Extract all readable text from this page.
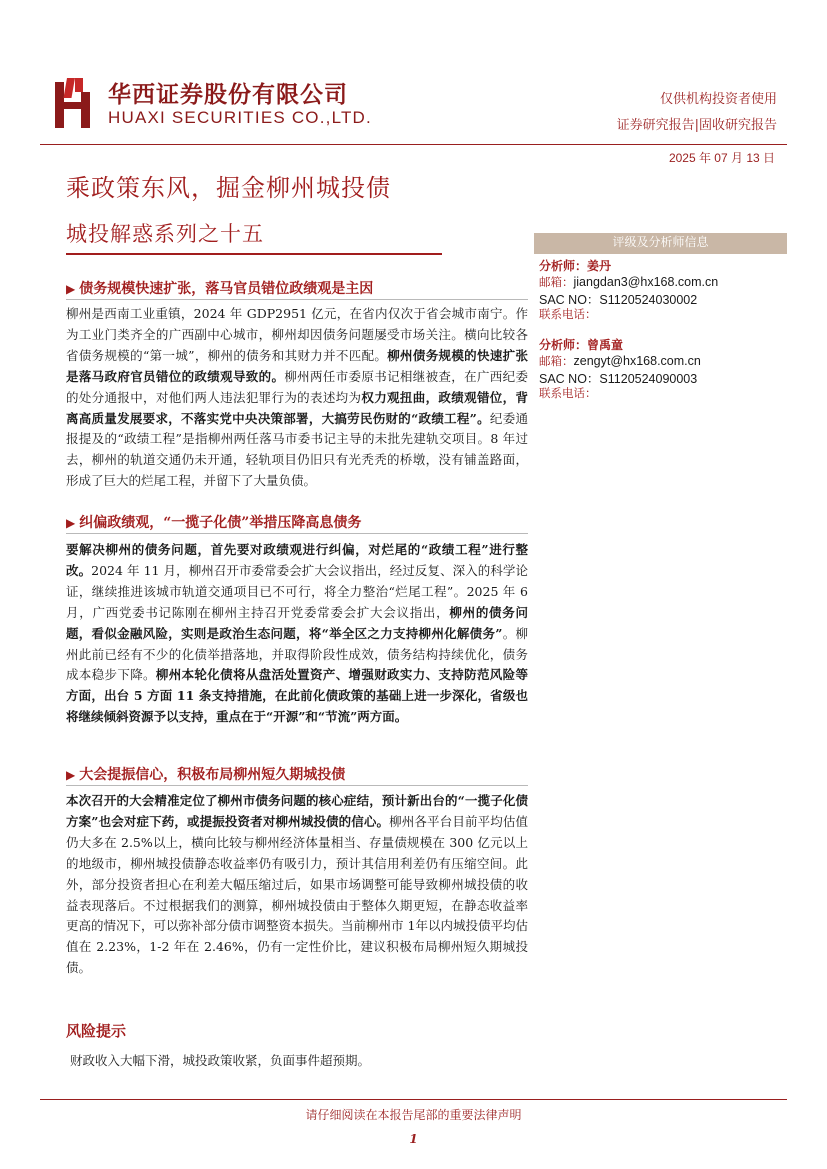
华西证券股份有限公司
HUAXI SECURITIES CO.,LTD.
仅供机构投资者使用
证券研究报告|固收研究报告
2025 年 07 月 13 日
乘政策东风，掘金柳州城投债
城投解惑系列之十五	评级及分析师信息
分析师：姜丹
邮箱：jiangdan3@hx168.com.cn
SAC NO：S1120524030002
联系电话：
分析师：曾禹童
邮箱：zengyt@hx168.com.cn
SAC NO：S1120524090003
联系电话：
▶ 债务规模快速扩张，落马官员错位政绩观是主因
柳州是西南工业重镇，2024 年 GDP2951 亿元，在省内仅次于省会城市南宁。作为工业门类齐全的广西副中心城市，柳州却因债务问题屡受市场关注。横向比较各省债务规模的“第一城”，柳州的债务和其财力并不匹配。柳州债务规模的快速扩张是落马政府官员错位的政绩观导致的。柳州两任市委原书记相继被查，在广西纪委的处分通报中，对他们两人违法犯罪行为的表述均为权力观扭曲，政绩观错位，背离高质量发展要求，不落实党中央决策部署，大搞劳民伤财的“政绩工程”。纪委通报提及的“政绩工程”是指柳州两任落马市委书记主导的未批先建轨交项目。8 年过去，柳州的轨道交通仍未开通，轻轨项目仍旧只有光秃秃的桥墩，没有铺盖路面，形成了巨大的烂尾工程，并留下了大量负债。
▶ 纠偏政绩观，“一揽子化债”举措压降高息债务
要解决柳州的债务问题，首先要对政绩观进行纠偏，对烂尾的“政绩工程”进行整改。2024 年 11 月，柳州召开市委常委会扩大会议指出，经过反复、深入的科学论证，继续推进该城市轨道交通项目已不可行，将全力整治“烂尾工程”。2025 年 6 月，广西党委书记陈刚在柳州主持召开党委常委会扩大会议指出，柳州的债务问题，看似金融风险，实则是政治生态问题，将“举全区之力支持柳州化解债务”。柳州此前已经有不少的化债举措落地，并取得阶段性成效，债务结构持续优化，债务成本稳步下降。柳州本轮化债将从盘活处置资产、增强财政实力、支持防范风险等方面，出台 5 方面 11 条支持措施，在此前化债政策的基础上进一步深化，省级也将继续倾斜资源予以支持，重点在于“开源”和“节流”两方面。
▶ 大会提振信心，积极布局柳州短久期城投债
本次召开的大会精准定位了柳州市债务问题的核心症结，预计新出台的“一揽子化债方案”也会对症下药，或提振投资者对柳州城投债的信心。柳州各平台目前平均估值仍大多在 2.5%以上，横向比较与柳州经济体量相当、存量债规模在 300 亿元以上的地级市，柳州城投债静态收益率仍有吸引力，预计其信用利差仍有压缩空间。此外，部分投资者担心在利差大幅压缩过后，如果市场调整可能导致柳州城投债的收益表现落后。不过根据我们的测算，柳州城投债由于整体久期更短，在静态收益率更高的情况下，可以弥补部分债市调整资本损失。当前柳州市 1年以内城投债平均估值在 2.23%，1-2 年在 2.46%，仍有一定性价比，建议积极布局柳州短久期城投债。
风险提示
财政收入大幅下滑，城投政策收紧，负面事件超预期。
请仔细阅读在本报告尾部的重要法律声明
1
